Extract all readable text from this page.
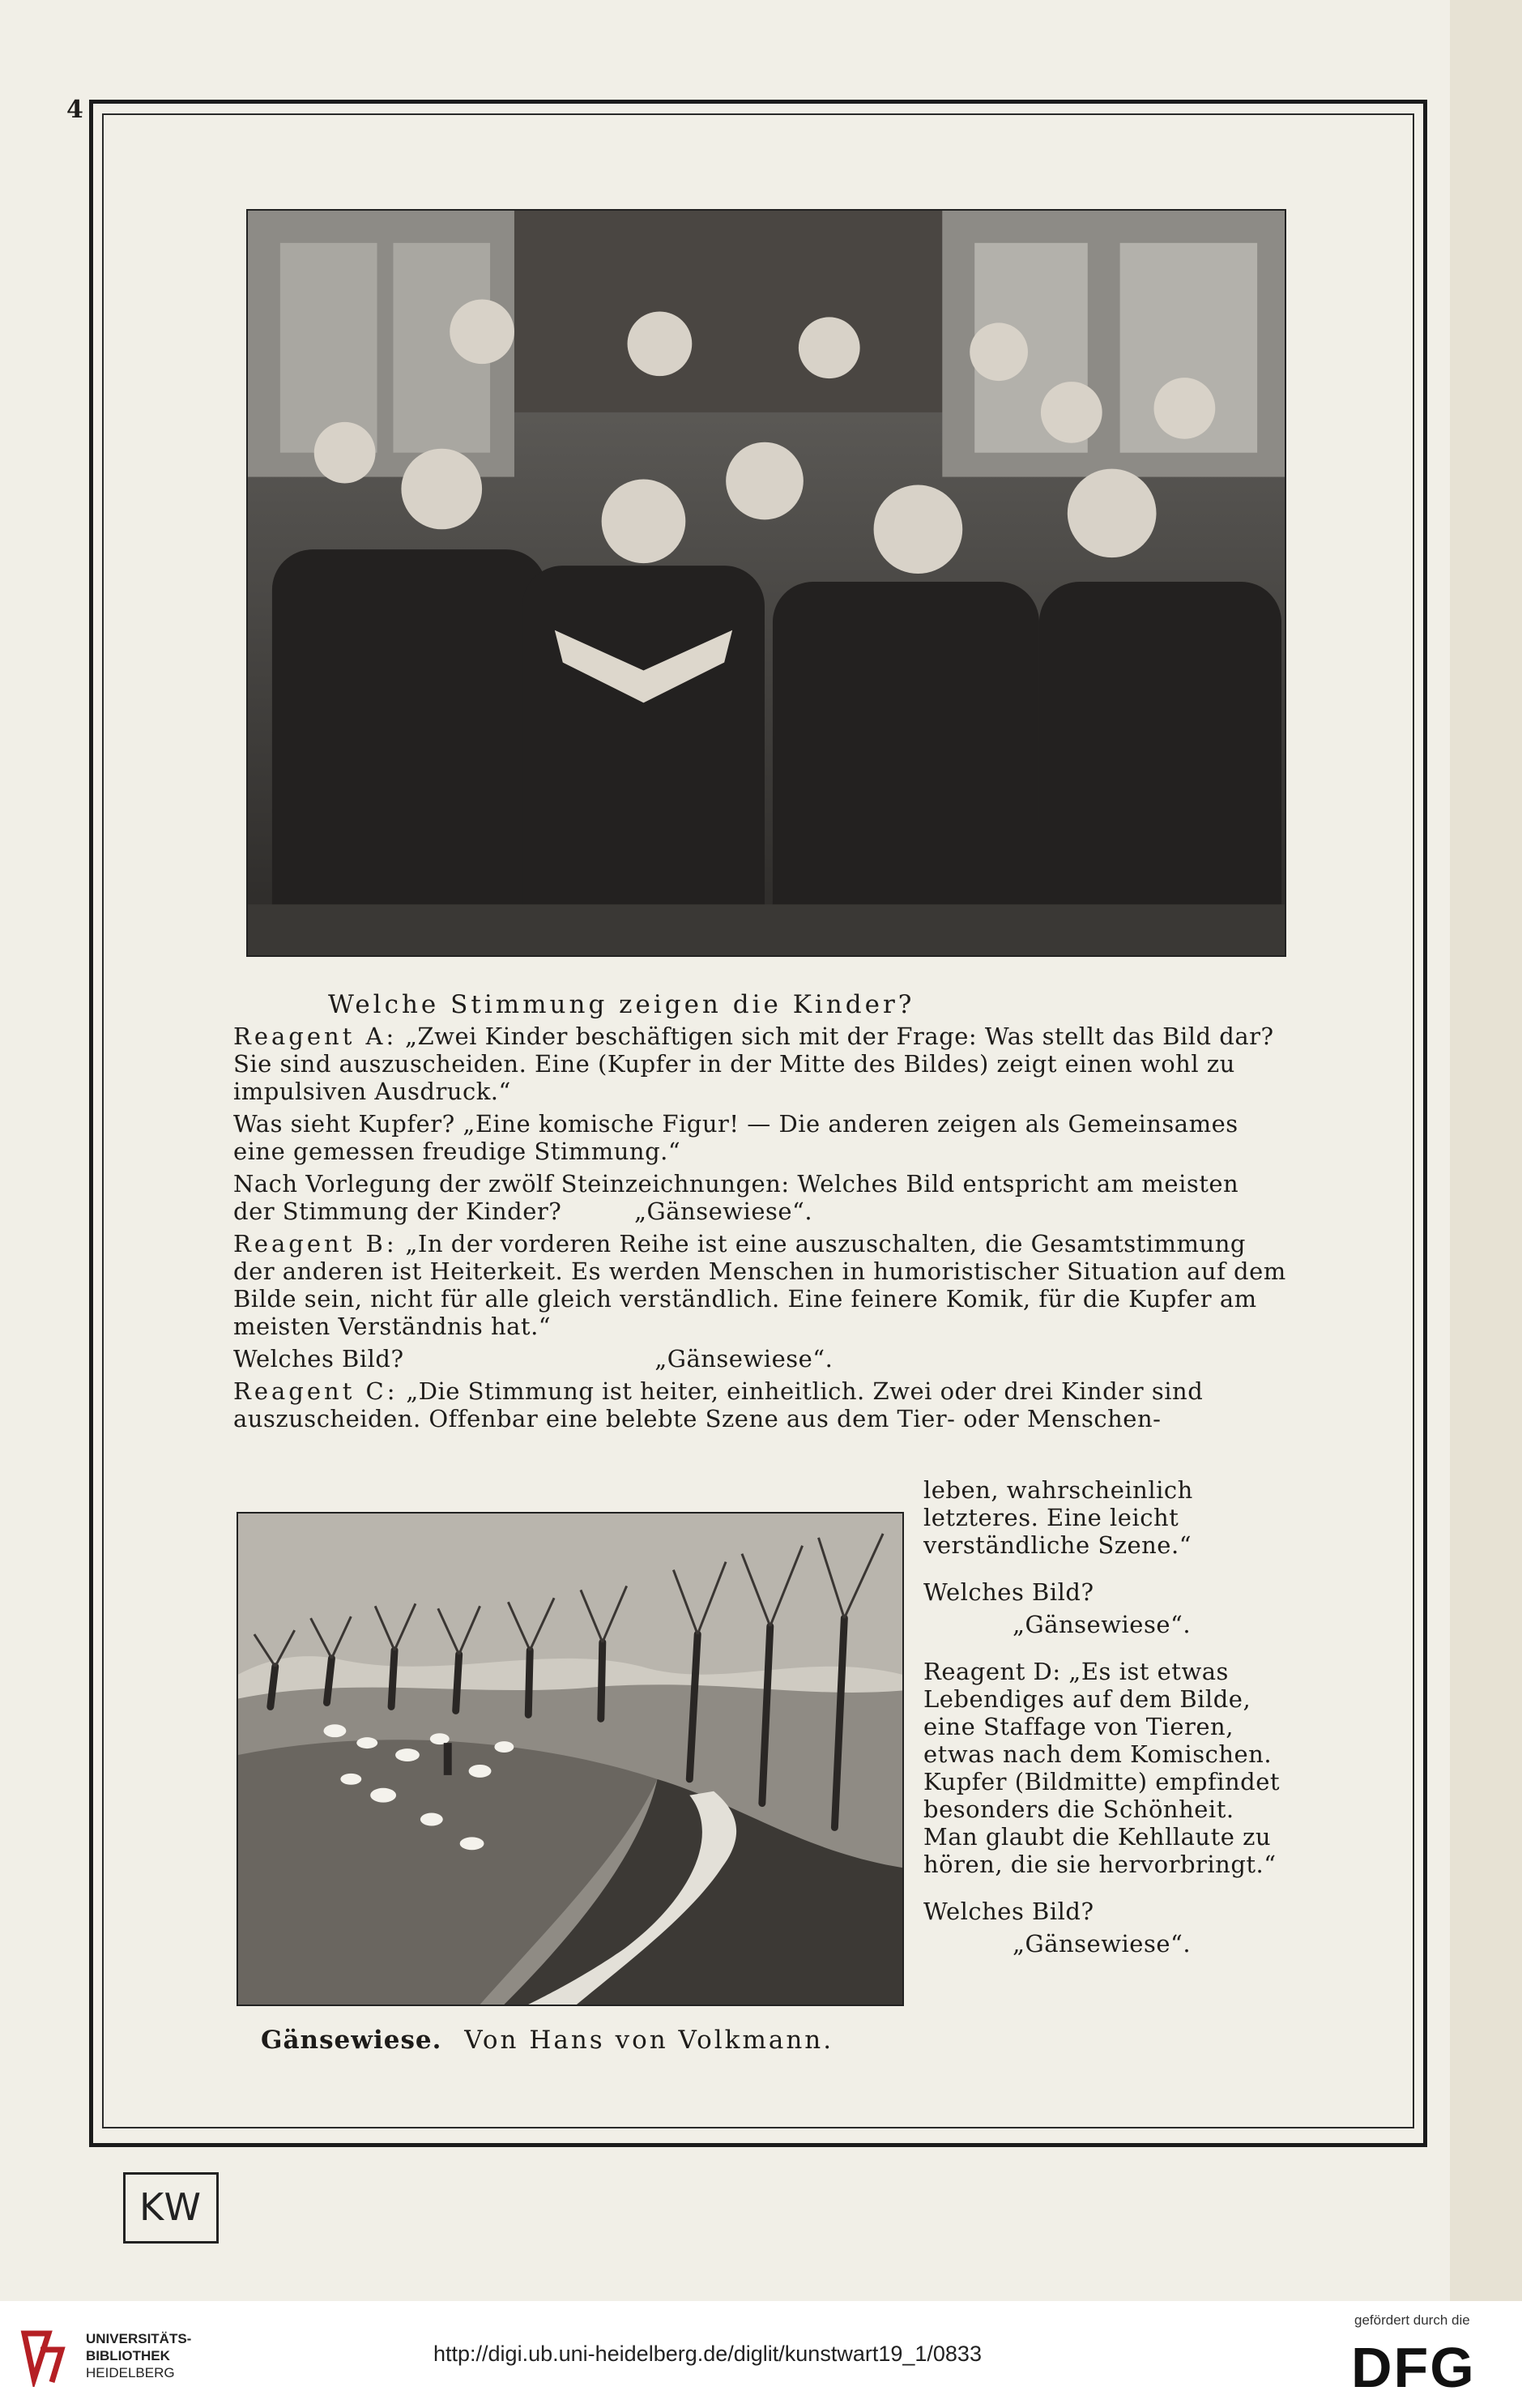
4
Welche Stimmung zeigen die Kinder?

Reagent A: „Zwei Kinder beschäftigen sich mit der Frage: Was stellt das Bild dar? Sie sind auszuscheiden. Eine (Kupfer in der Mitte des Bildes) zeigt einen wohl zu impulsiven Ausdruck.“

Was sieht Kupfer? „Eine komische Figur! — Die anderen zeigen als Gemeinsames eine gemessen freudige Stimmung.“

Nach Vorlegung der zwölf Steinzeichnungen: Welches Bild entspricht am meisten der Stimmung der Kinder?	„Gänsewiese“.

Reagent B: „In der vorderen Reihe ist eine auszuschalten, die Gesamtstimmung der anderen ist Heiterkeit. Es werden Menschen in humoristischer Situation auf dem Bilde sein, nicht für alle gleich verständlich. Eine feinere Komik, für die Kupfer am meisten Verständnis hat.“

Welches Bild?	„Gänsewiese“.

Reagent C: „Die Stimmung ist heiter, einheitlich. Zwei oder drei Kinder sind auszuscheiden. Offenbar eine belebte Szene aus dem Tier- oder Menschen-

leben, wahrscheinlich letzteres. Eine leicht verständliche Szene.“

Welches Bild?

„Gänsewiese“.

Reagent D: „Es ist etwas Lebendiges auf dem Bilde, eine Staffage von Tieren, etwas nach dem Komischen. Kupfer (Bildmitte) empfindet besonders die Schönheit. Man glaubt die Kehllaute zu hören, die sie hervorbringt.“

Welches Bild?

„Gänsewiese“.

Gänsewiese. Von Hans von Volkmann.
KW
UNIVERSITÄTS-
BIBLIOTHEK
HEIDELBERG
http://digi.ub.uni-heidelberg.de/diglit/kunstwart19_1/0833
gefördert durch die
DFG
